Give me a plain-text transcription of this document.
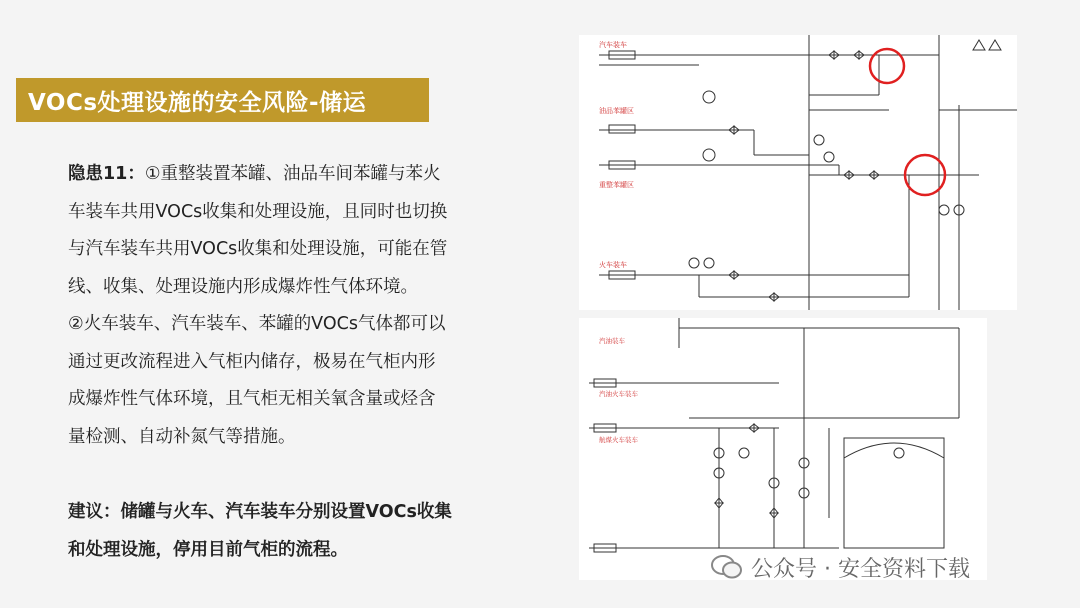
VOCs处理设施的安全风险-储运
隐患11：①重整装置苯罐、油品车间苯罐与苯火
车装车共用VOCs收集和处理设施，且同时也切换
与汽车装车共用VOCs收集和处理设施，可能在管
线、收集、处理设施内形成爆炸性气体环境。
②火车装车、汽车装车、苯罐的VOCs气体都可以
通过更改流程进入气柜内储存，极易在气柜内形
成爆炸性气体环境，且气柜无相关氧含量或烃含
量检测、自动补氮气等措施。
建议：储罐与火车、汽车装车分别设置VOCs收集
和处理设施，停用目前气柜的流程。
汽车装车
油品苯罐区
重整苯罐区
火车装车
汽油装车
汽油火车装车
航煤火车装车
公众号 · 安全资料下载
